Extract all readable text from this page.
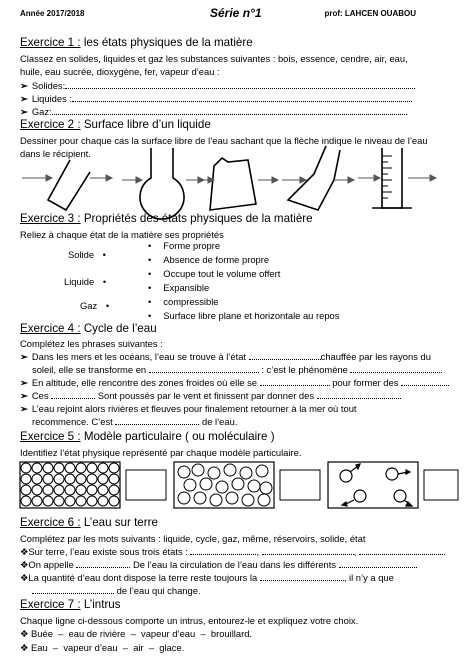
Année 2017/2018	Série n°1	prof: LAHCEN OUABOU
Exercice 1 : les états physiques de la matière
Classez en solides, liquides et gaz les substances suivantes : bois, essence, cendre, air, eau,
huile, eau sucrée, dioxygène, fer, vapeur d’eau :
➢ Solides:
➢ Liquides :
➢ Gaz:
Exercice 2 : Surface libre d’un liquide
Dessiner pour chaque cas la surface libre de l’eau sachant que la flèche indique le niveau de l’eau
dans le récipient.
Exercice 3 : Propriétés des états physiques de la matière
Reliez à chaque état de la matière ses propriétés
Solide •
Liquide •
Gaz •
• Forme propre
• Absence de forme propre
• Occupe tout le volume offert
• Expansible
• compressible
• Surface libre plane et horizontale au repos
Exercice 4 : Cycle de l’eau
Complétez les phrases suivantes :
➢ Dans les mers et les océans, l’eau se trouve à l’état	chauffée par les rayons du
soleil, elle se transforme en	: c’est le phénomène
➢ En altitude, elle rencontre des zones froides où elle se	pour former des
➢ Ces	Sont poussés par le vent et finissent par donner des
➢ L’eau rejoint alors rivières et fleuves pour finalement retourner à la mer où tout
recommence. C’est	de l’eau.
Exercice 5 : Modèle particulaire ( ou moléculaire )
Identifiez l’état physique représenté par chaque modèle particulaire.
Exercice 6 : L’eau sur terre
Complétez par les mots suivants : liquide, cycle, gaz, même, réservoirs, solide, état
❖Sur terre, l’eau existe sous trois états :	,	,
❖On appelle	De l’eau la circulation de l’eau dans les différents
❖La quantité d’eau dont dispose la terre reste toujours la	, il n’y a que
de l’eau qui change.
Exercice 7 : L’intrus
Chaque ligne ci-dessous comporte un intrus, entourez-le et expliquez votre choix.
❖ Buée  –  eau de rivière  –  vapeur d’eau  –  brouillard.
❖ Eau  –  vapeur d’eau  –  air  –  glace.
